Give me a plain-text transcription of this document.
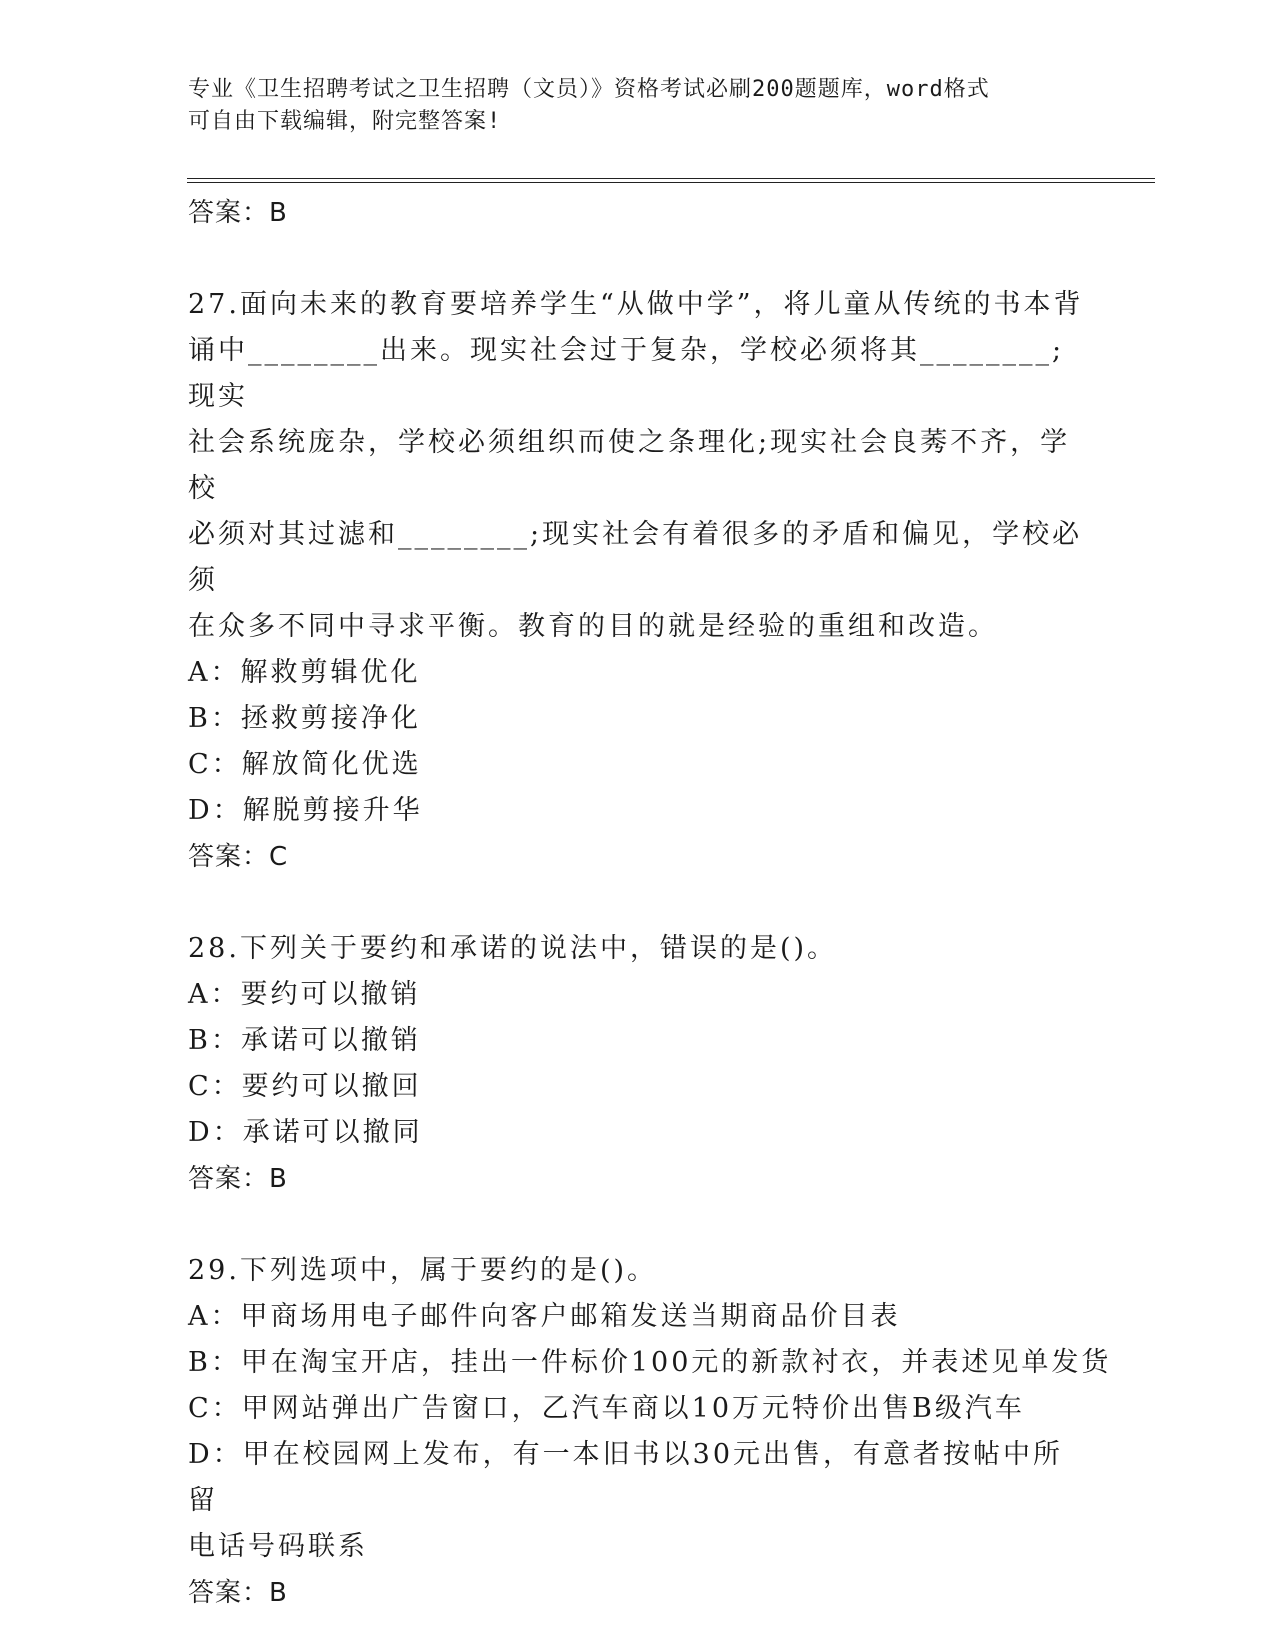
专业《卫生招聘考试之卫生招聘（文员）》资格考试必刷200题题库，word格式
可自由下载编辑，附完整答案!
答案：B
27.面向未来的教育要培养学生“从做中学”，将儿童从传统的书本背
诵中________出来。现实社会过于复杂，学校必须将其________;现实
社会系统庞杂，学校必须组织而使之条理化;现实社会良莠不齐，学校
必须对其过滤和________;现实社会有着很多的矛盾和偏见，学校必须
在众多不同中寻求平衡。教育的目的就是经验的重组和改造。
A：解救剪辑优化
B：拯救剪接净化
C：解放简化优选
D：解脱剪接升华
答案：C
28.下列关于要约和承诺的说法中，错误的是()。
A：要约可以撤销
B：承诺可以撤销
C：要约可以撤回
D：承诺可以撤同
答案：B
29.下列选项中，属于要约的是()。
A：甲商场用电子邮件向客户邮箱发送当期商品价目表
B：甲在淘宝开店，挂出一件标价100元的新款衬衣，并表述见单发货
C：甲网站弹出广告窗口，乙汽车商以10万元特价出售B级汽车
D：甲在校园网上发布，有一本旧书以30元出售，有意者按帖中所留
电话号码联系
答案：B
